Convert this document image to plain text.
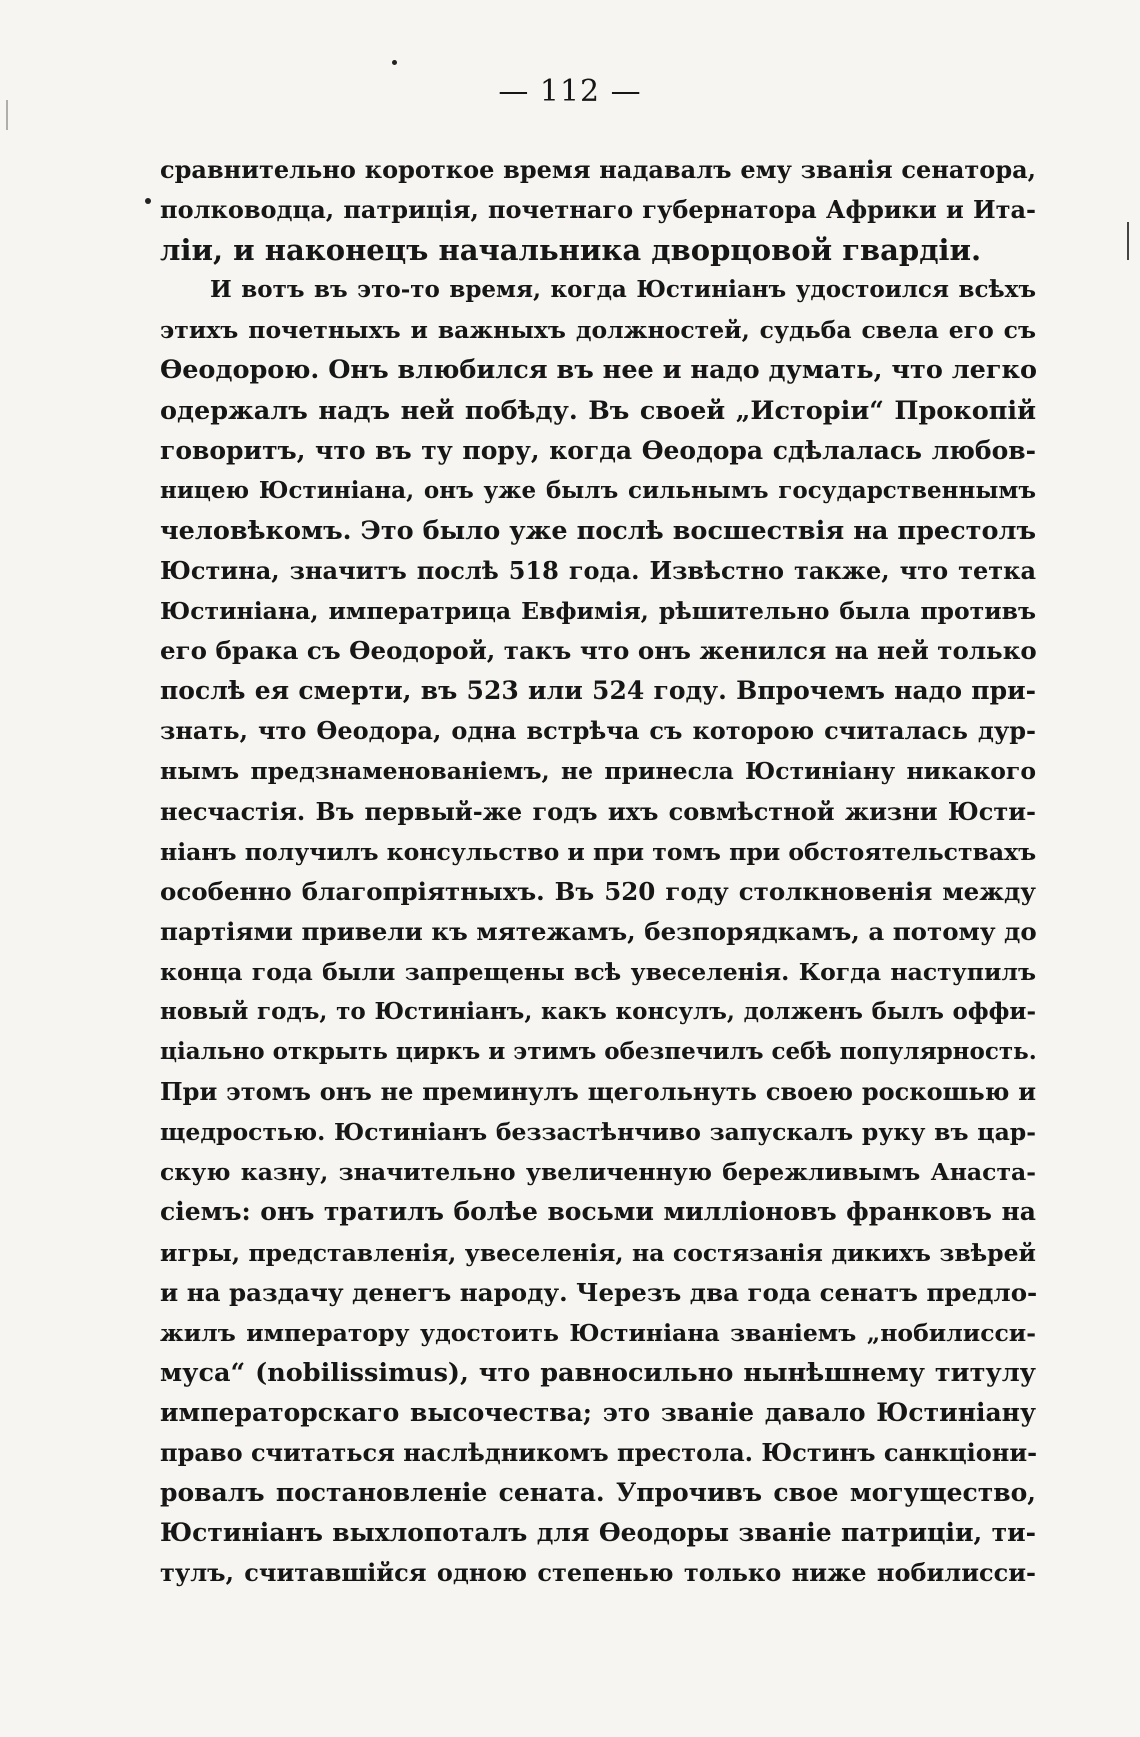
— 112 —
сравнительно короткое время надавалъ ему званія сенатора,
полководца, патриція, почетнаго губернатора Африки и Ита-
ліи, и наконецъ начальника дворцовой гвардіи.
И вотъ въ это-то время, когда Юстиніанъ удостоился всѣхъ
этихъ почетныхъ и важныхъ должностей, судьба свела его съ
Ѳеодорою. Онъ влюбился въ нее и надо думать, что легко
одержалъ надъ ней побѣду. Въ своей „Исторіи“ Прокопій
говоритъ, что въ ту пору, когда Ѳеодора сдѣлалась любов-
ницею Юстиніана, онъ уже былъ сильнымъ государственнымъ
человѣкомъ. Это было уже послѣ восшествія на престолъ
Юстина, значитъ послѣ 518 года. Извѣстно также, что тетка
Юстиніана, императрица Евфимія, рѣшительно была противъ
его брака съ Ѳеодорой, такъ что онъ женился на ней только
послѣ ея смерти, въ 523 или 524 году. Впрочемъ надо при-
знать, что Ѳеодора, одна встрѣча съ которою считалась дур-
нымъ предзнаменованіемъ, не принесла Юстиніану никакого
несчастія. Въ первый-же годъ ихъ совмѣстной жизни Юсти-
ніанъ получилъ консульство и при томъ при обстоятельствахъ
особенно благопріятныхъ. Въ 520 году столкновенія между
партіями привели къ мятежамъ, безпорядкамъ, а потому до
конца года были запрещены всѣ увеселенія. Когда наступилъ
новый годъ, то Юстиніанъ, какъ консулъ, долженъ былъ оффи-
ціально открыть циркъ и этимъ обезпечилъ себѣ популярность.
При этомъ онъ не преминулъ щегольнуть своею роскошью и
щедростью. Юстиніанъ беззастѣнчиво запускалъ руку въ цар-
скую казну, значительно увеличенную бережливымъ Анаста-
сіемъ: онъ тратилъ болѣе восьми милліоновъ франковъ на
игры, представленія, увеселенія, на состязанія дикихъ звѣрей
и на раздачу денегъ народу. Черезъ два года сенатъ предло-
жилъ императору удостоить Юстиніана званіемъ „нобилисси-
муса“ (nobilissimus), что равносильно нынѣшнему титулу
императорскаго высочества; это званіе давало Юстиніану
право считаться наслѣдникомъ престола. Юстинъ санкціони-
ровалъ постановленіе сената. Упрочивъ свое могущество,
Юстиніанъ выхлопоталъ для Ѳеодоры званіе патриціи, ти-
тулъ, считавшійся одною степенью только ниже нобилисси-
